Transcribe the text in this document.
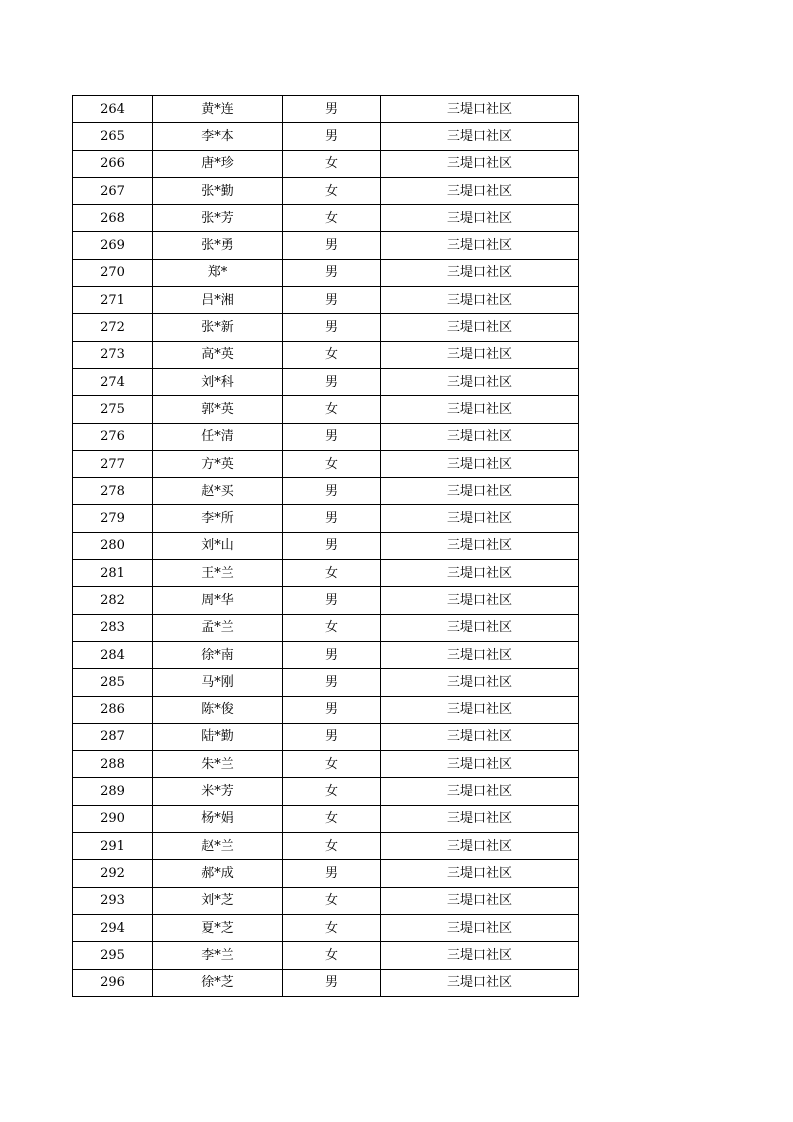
264	黄*连	男	三堤口社区
265	李*本	男	三堤口社区
266	唐*珍	女	三堤口社区
267	张*勤	女	三堤口社区
268	张*芳	女	三堤口社区
269	张*勇	男	三堤口社区
270	郑*	男	三堤口社区
271	吕*湘	男	三堤口社区
272	张*新	男	三堤口社区
273	高*英	女	三堤口社区
274	刘*科	男	三堤口社区
275	郭*英	女	三堤口社区
276	任*清	男	三堤口社区
277	方*英	女	三堤口社区
278	赵*买	男	三堤口社区
279	李*所	男	三堤口社区
280	刘*山	男	三堤口社区
281	王*兰	女	三堤口社区
282	周*华	男	三堤口社区
283	孟*兰	女	三堤口社区
284	徐*南	男	三堤口社区
285	马*刚	男	三堤口社区
286	陈*俊	男	三堤口社区
287	陆*勤	男	三堤口社区
288	朱*兰	女	三堤口社区
289	米*芳	女	三堤口社区
290	杨*娟	女	三堤口社区
291	赵*兰	女	三堤口社区
292	郝*成	男	三堤口社区
293	刘*芝	女	三堤口社区
294	夏*芝	女	三堤口社区
295	李*兰	女	三堤口社区
296	徐*芝	男	三堤口社区
